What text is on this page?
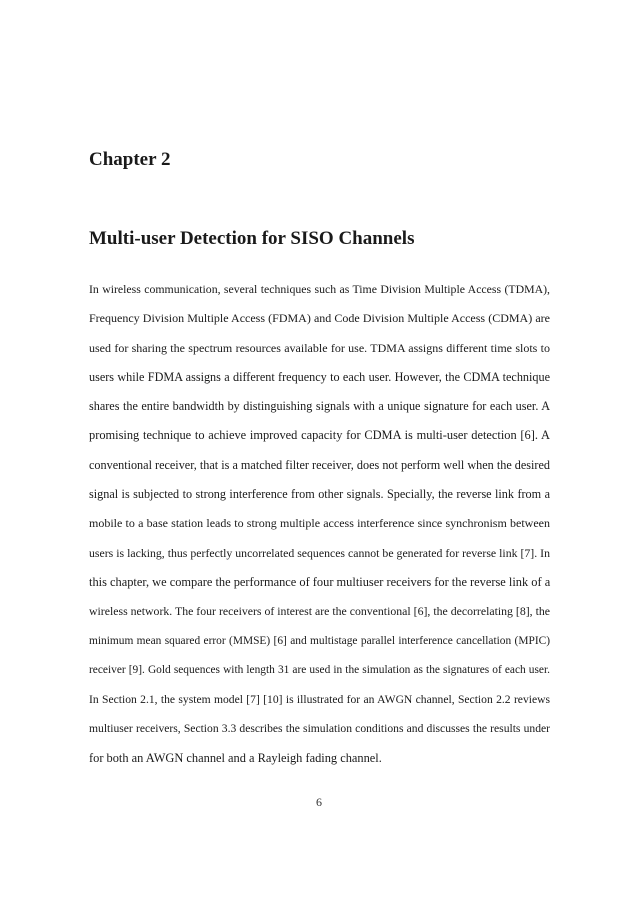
Chapter 2
Multi-user Detection for SISO Channels
In wireless communication, several techniques such as Time Division Multiple Access (TDMA),
Frequency Division Multiple Access (FDMA) and Code Division Multiple Access (CDMA) are
used for sharing the spectrum resources available for use. TDMA assigns different time slots to
users while FDMA assigns a different frequency to each user. However, the CDMA technique
shares the entire bandwidth by distinguishing signals with a unique signature for each user. A
promising technique to achieve improved capacity for CDMA is multi-user detection [6]. A
conventional receiver, that is a matched filter receiver, does not perform well when the desired
signal is subjected to strong interference from other signals. Specially, the reverse link from a
mobile to a base station leads to strong multiple access interference since synchronism between
users is lacking, thus perfectly uncorrelated sequences cannot be generated for reverse link [7]. In
this chapter, we compare the performance of four multiuser receivers for the reverse link of a
wireless network. The four receivers of interest are the conventional [6], the decorrelating [8], the
minimum mean squared error (MMSE) [6] and multistage parallel interference cancellation (MPIC)
receiver [9]. Gold sequences with length 31 are used in the simulation as the signatures of each user.
In Section 2.1, the system model [7] [10] is illustrated for an AWGN channel, Section 2.2 reviews
multiuser receivers, Section 3.3 describes the simulation conditions and discusses the results under
for both an AWGN channel and a Rayleigh fading channel.
6
